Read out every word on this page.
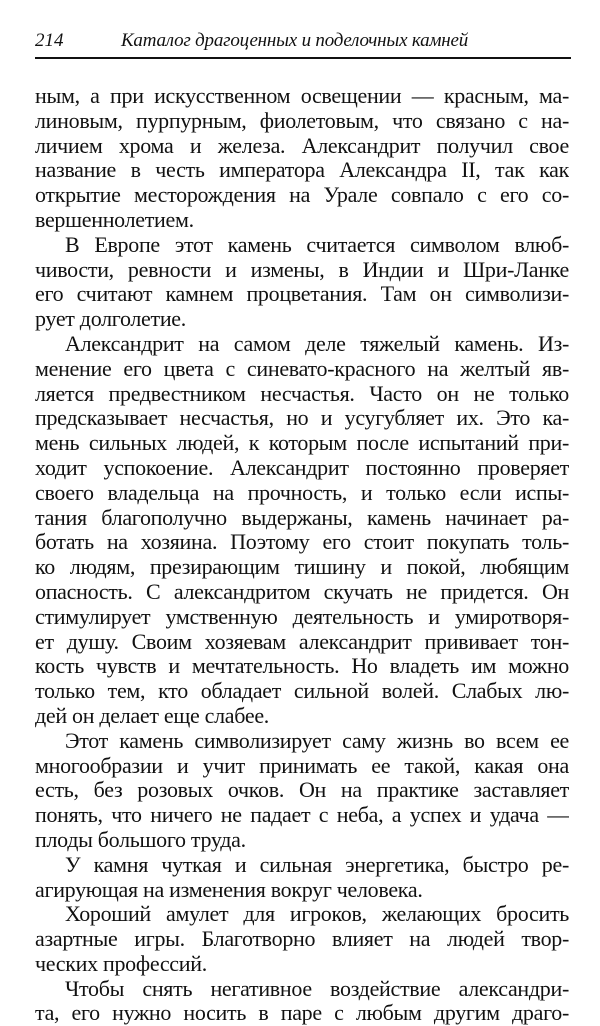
214	Каталог драгоценных и поделочных камней
ным, а при искусственном освещении — красным, ма-
линовым, пурпурным, фиолетовым, что связано с на-
личием хрома и железа. Александрит получил свое
название в честь императора Александра II, так как
открытие месторождения на Урале совпало с его со-
вершеннолетием.
В Европе этот камень считается символом влюб-
чивости, ревности и измены, в Индии и Шри-Ланке
его считают камнем процветания. Там он символизи-
рует долголетие.
Александрит на самом деле тяжелый камень. Из-
менение его цвета с синевато-красного на желтый яв-
ляется предвестником несчастья. Часто он не только
предсказывает несчастья, но и усугубляет их. Это ка-
мень сильных людей, к которым после испытаний при-
ходит успокоение. Александрит постоянно проверяет
своего владельца на прочность, и только если испы-
тания благополучно выдержаны, камень начинает ра-
ботать на хозяина. Поэтому его стоит покупать толь-
ко людям, презирающим тишину и покой, любящим
опасность. С александритом скучать не придется. Он
стимулирует умственную деятельность и умиротворя-
ет душу. Своим хозяевам александрит прививает тон-
кость чувств и мечтательность. Но владеть им можно
только тем, кто обладает сильной волей. Слабых лю-
дей он делает еще слабее.
Этот камень символизирует саму жизнь во всем ее
многообразии и учит принимать ее такой, какая она
есть, без розовых очков. Он на практике заставляет
понять, что ничего не падает с неба, а успех и удача —
плоды большого труда.
У камня чуткая и сильная энергетика, быстро ре-
агирующая на изменения вокруг человека.
Хороший амулет для игроков, желающих бросить
азартные игры. Благотворно влияет на людей твор-
ческих профессий.
Чтобы снять негативное воздействие александри-
та, его нужно носить в паре с любым другим драго-
